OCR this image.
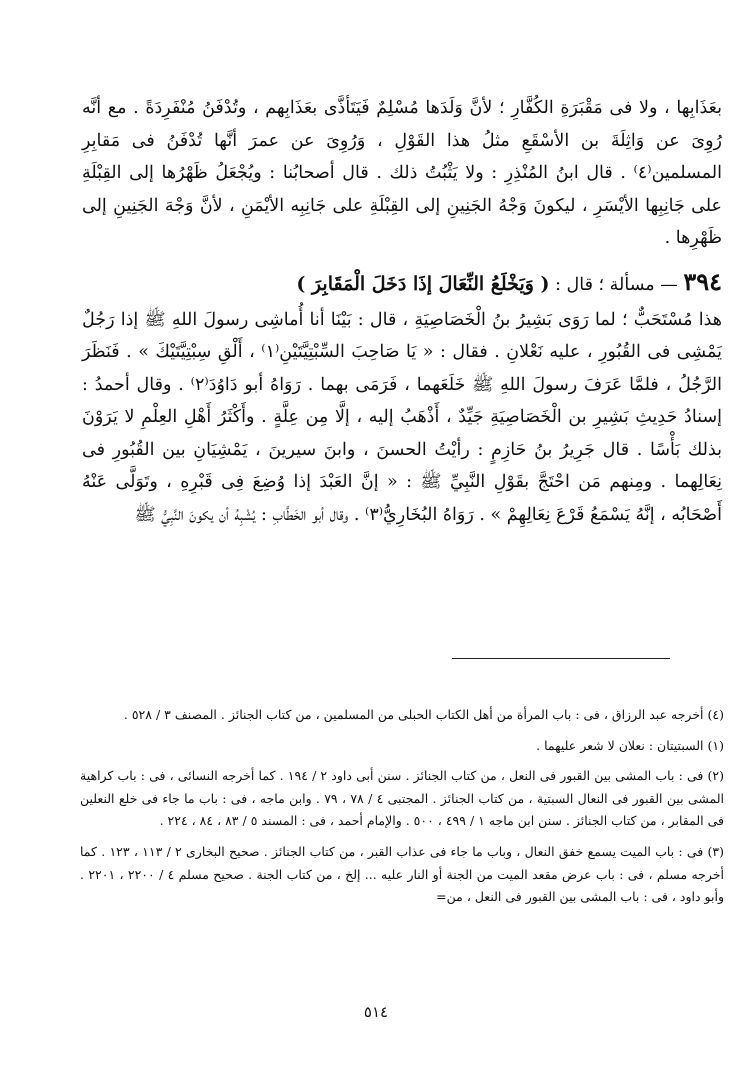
بعَذَابِها ، ولا فى مَقْبَرَةِ الكُفَّارِ ؛ لأنَّ وَلَدَها مُسْلِمٌ فَيَتَأذَّى بعَذَابِهم ، وتُدْفَنُ مُنْفَرِدَةً . مع أنَّه رُوِىَ عن وَاثِلَةَ بن الأسْقَعِ مثلُ هذا القَوْلِ ، وَرُوِىَ عن عمرَ أنَّها تُدْفَنُ فى مَقابِرِ المسلمين⁽٤⁾ . قال ابنُ المُنْذِرِ : ولا يَثْبُتُ ذلك . قال أصحابُنا : ويُجْعَلُ ظَهْرُها إلى القِبْلَةِ على جَانِبِها الأيْسَرِ ، ليكونَ وَجْهُ الجَنِينِ إلى القِبْلَةِ على جَانِبِه الأيْمَنِ ، لأنَّ وَجْهَ الجَنِينِ إلى ظَهْرِها .

٣٩٤ — مسألة ؛ قال : ( وَيَخْلَعُ النِّعَالَ إذَا دَخَلَ الْمَقَابِرَ )

هذا مُسْتَحَبٌّ ؛ لما رَوَى بَشِيرُ بنُ الْخَصَاصِيَةِ ، قال : بَيْنَا أنا أُماشِى رسولَ اللهِ ﷺ إذا رَجُلٌ يَمْشِى فى القُبُورِ ، عليه نَعْلانِ . فقال : « يَا صَاحِبَ السِّبْتِيَّتَيْنِ⁽١⁾ ، أَلْقِ سِبْتِيَّتَيْكَ » . فَنَظَرَ الرَّجُلُ ، فلمَّا عَرَفَ رسولَ اللهِ ﷺ خَلَعَهما ، فَرَمَى بهما . رَوَاهُ أبو دَاوُدَ⁽٢⁾ . وقال أحمدُ : إسنادُ حَدِيثِ بَشِيرِ بن الْخَصَاصِيَةِ جَيِّدٌ ، أَذْهَبُ إليه ، إلَّا مِن عِلَّةٍ . وأَكْثَرُ أَهْلِ العِلْمِ لا يَرَوْنَ بذلك بَأْسًا . قال جَرِيرُ بنُ حَازِمٍ : رأيْتُ الحسنَ ، وابنَ سيرينَ ، يَمْشِيَانِ بين القُبُورِ فى نِعَالِهما . ومِنهم مَن احْتَجَّ بقَوْلِ النَّبِيِّ ﷺ : « إنَّ العَبْدَ إذا وُضِعَ فِى قَبْرِهِ ، وتَوَلَّى عَنْهُ أَصْحَابُه ، إنَّهُ يَسْمَعُ قَرْعَ نِعَالِهِمْ » . رَوَاهُ البُخَارِيُّ⁽٣⁾ . وقال أبو الخَطَّابِ : يُشْبِهُ أن يكونَ النَّبِيُّ ﷺ

(٤) أخرجه عبد الرزاق ، فى : باب المرأة من أهل الكتاب الحبلى من المسلمين ، من كتاب الجنائز . المصنف ٣ / ٥٢٨ .

(١) السبتيتان : نعلان لا شعر عليهما .

(٢) فى : باب المشى بين القبور فى النعل ، من كتاب الجنائز . سنن أبى داود ٢ / ١٩٤ . كما أخرجه النسائى ، فى : باب كراهية المشى بين القبور فى النعال السبتية ، من كتاب الجنائز . المجتبى ٤ / ٧٨ ، ٧٩ . وابن ماجه ، فى : باب ما جاء فى خلع النعلين فى المقابر ، من كتاب الجنائز . سنن ابن ماجه ١ / ٤٩٩ ، ٥٠٠ . والإمام أحمد ، فى : المسند ٥ / ٨٣ ، ٨٤ ، ٢٢٤ .

(٣) فى : باب الميت يسمع خفق النعال ، وباب ما جاء فى عذاب القبر ، من كتاب الجنائز . صحيح البخارى ٢ / ١١٣ ، ١٢٣ . كما أخرجه مسلم ، فى : باب عرض مقعد الميت من الجنة أو النار عليه ... إلخ ، من كتاب الجنة . صحيح مسلم ٤ / ٢٢٠٠ ، ٢٢٠١ . وأبو داود ، فى : باب المشى بين القبور فى النعل ، من=

٥١٤
